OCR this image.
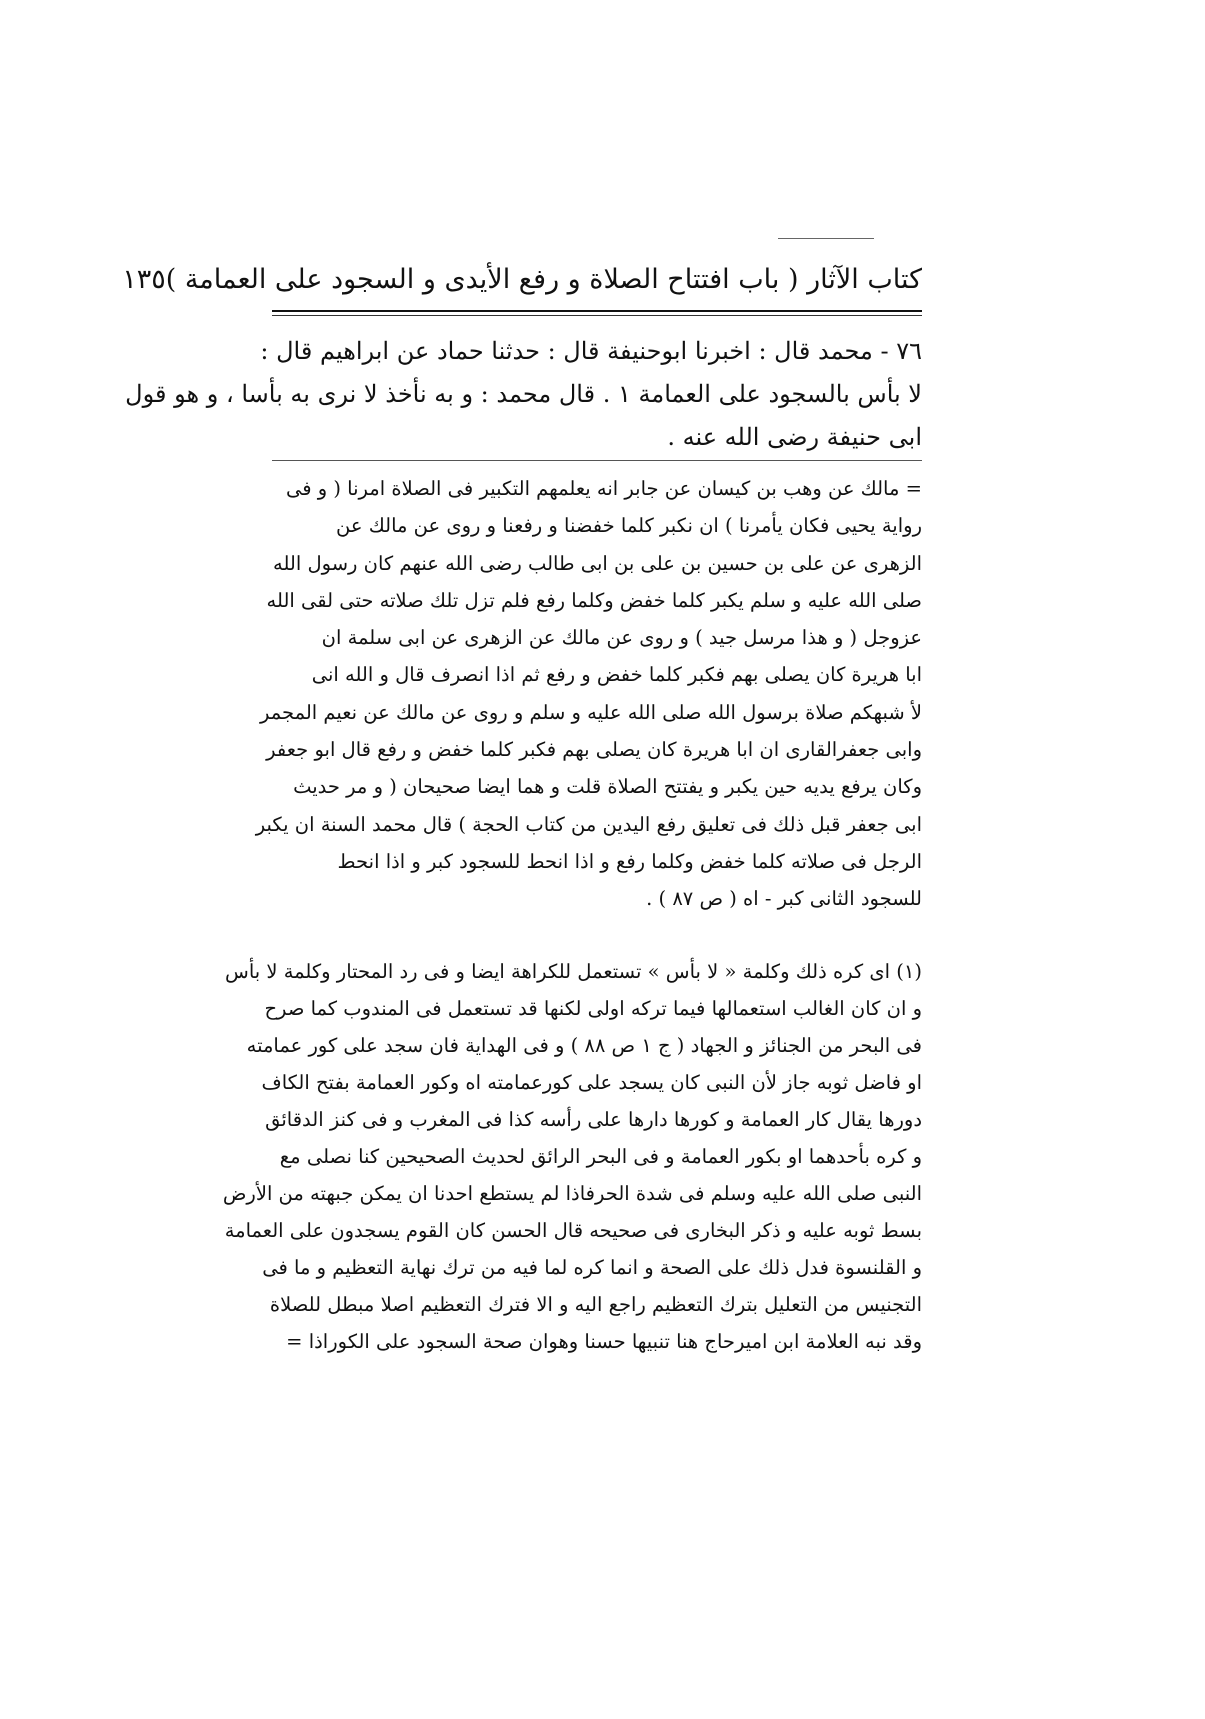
كتاب الآثار ( باب افتتاح الصلاة و رفع الأيدى و السجود على العمامة )
١٣٥
٧٦ - محمد قال : اخبرنا ابوحنيفة قال : حدثنا حماد عن ابراهيم قال :
لا بأس بالسجود على العمامة ١ . قال محمد : و به نأخذ لا نرى به بأسا ، و هو قول
ابى حنيفة رضى الله عنه .
= مالك عن وهب بن كيسان عن جابر انه يعلمهم التكبير فى الصلاة امرنا ( و فى
رواية يحيى فكان يأمرنا ) ان نكبر كلما خفضنا و رفعنا و روى عن مالك عن
الزهرى عن على بن حسين بن على بن ابى طالب رضى الله عنهم كان رسول الله
صلى الله عليه و سلم يكبر كلما خفض وكلما رفع فلم تزل تلك صلاته حتى لقى الله
عزوجل ( و هذا مرسل جيد ) و روى عن مالك عن الزهرى عن ابى سلمة ان
ابا هريرة كان يصلى بهم فكبر كلما خفض و رفع ثم اذا انصرف قال و الله انى
لأ شبهكم صلاة برسول الله صلى الله عليه و سلم و روى عن مالك عن نعيم المجمر
وابى جعفرالقارى ان ابا هريرة كان يصلى بهم فكبر كلما خفض و رفع قال ابو جعفر
وكان يرفع يديه حين يكبر و يفتتح الصلاة قلت و هما ايضا صحيحان ( و مر حديث
ابى جعفر قبل ذلك فى تعليق رفع اليدين من كتاب الحجة ) قال محمد السنة ان يكبر
الرجل فى صلاته كلما خفض وكلما رفع و اذا انحط للسجود كبر و اذا انحط
للسجود الثانى كبر - اه ( ص ٨٧ ) .
(١) اى كره ذلك وكلمة « لا بأس » تستعمل للكراهة ايضا و فى رد المحتار وكلمة لا بأس
و ان كان الغالب استعمالها فيما تركه اولى لكنها قد تستعمل فى المندوب كما صرح
فى البحر من الجنائز و الجهاد ( ج ١ ص ٨٨ ) و فى الهداية فان سجد على كور عمامته
او فاضل ثوبه جاز لأن النبى كان يسجد على كورعمامته اه وكور العمامة بفتح الكاف
دورها يقال كار العمامة و كورها دارها على رأسه كذا فى المغرب و فى كنز الدقائق
و كره بأحدهما او بكور العمامة و فى البحر الرائق لحديث الصحيحين كنا نصلى مع
النبى صلى الله عليه وسلم فى شدة الحرفاذا لم يستطع احدنا ان يمكن جبهته من الأرض
بسط ثوبه عليه و ذكر البخارى فى صحيحه قال الحسن كان القوم يسجدون على العمامة
و القلنسوة فدل ذلك على الصحة و انما كره لما فيه من ترك نهاية التعظيم و ما فى
التجنيس من التعليل بترك التعظيم راجع اليه و الا فترك التعظيم اصلا مبطل للصلاة
وقد نبه العلامة ابن اميرحاج هنا تنبيها حسنا وهوان صحة السجود على الكوراذا =
